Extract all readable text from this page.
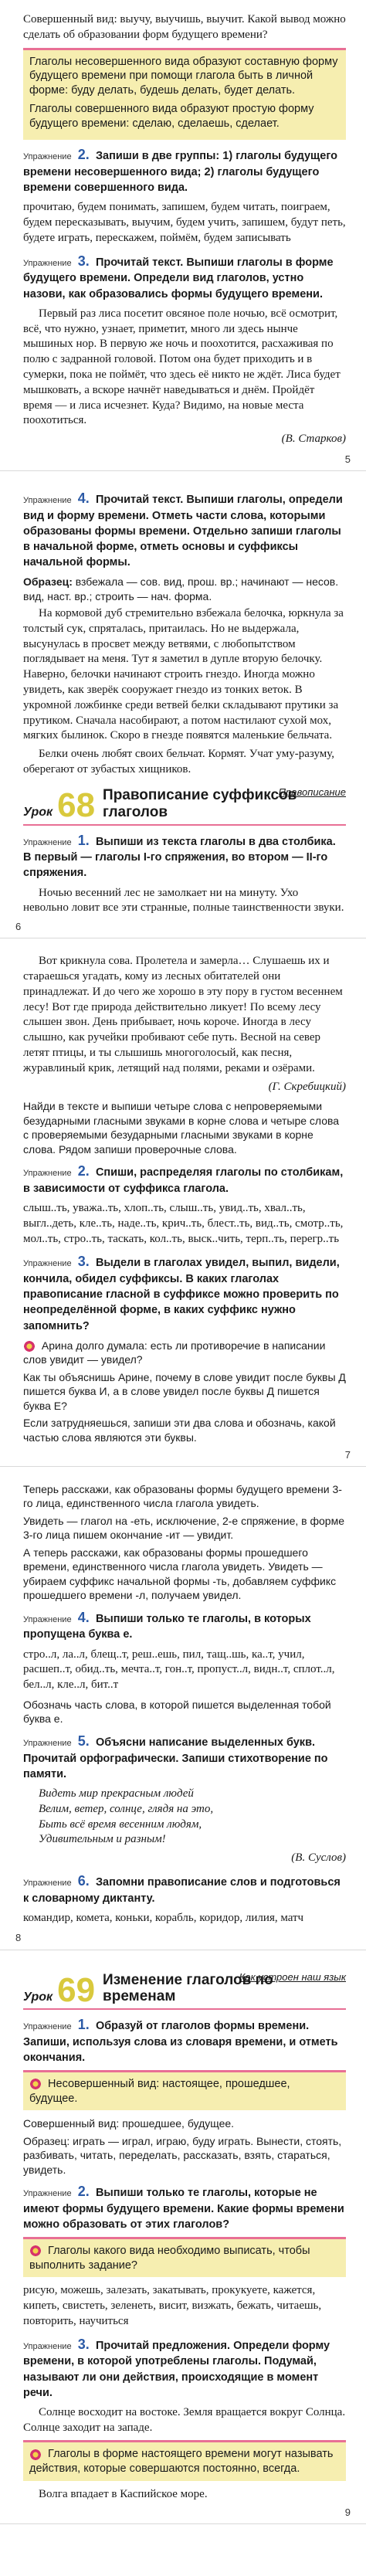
Совершенный вид: выучу, выучишь, выучит. Какой вывод можно сделать об образовании форм будущего времени?

Глаголы несовершенного вида образуют составную форму будущего времени при помощи глагола быть в личной форме: буду делать, будешь делать, будет делать.

Глаголы совершенного вида образуют простую форму будущего времени: сделаю, сделаешь, сделает.

Упражнение 2. Запиши в две группы: 1) глаголы будущего времени несовершенного вида; 2) глаголы будущего времени совершенного вида.

прочитаю, будем понимать, запишем, будем читать, поиграем, будем пересказывать, выучим, будем учить, запишем, будут петь, будете играть, перескажем, поймём, будем записывать

Упражнение 3. Прочитай текст. Выпиши глаголы в форме будущего времени. Определи вид глаголов, устно назови, как образовались формы будущего времени.

Первый раз лиса посетит овсяное поле ночью, всё осмотрит, всё, что нужно, узнает, приметит, много ли здесь нынче мышиных нор. В первую же ночь и поохотится, расхаживая по полю с задранной головой. Потом она будет приходить и в сумерки, пока не поймёт, что здесь её никто не ждёт. Лиса будет мышковать, а вскоре начнёт наведываться и днём. Пройдёт время — и лиса исчезнет. Куда? Видимо, на новые места поохотиться.

(В. Старков)

5
Упражнение 4. Прочитай текст. Выпиши глаголы, определи вид и форму времени. Отметь части слова, которыми образованы формы времени. Отдельно запиши глаголы в начальной форме, отметь основы и суффиксы начальной формы.

Образец: взбежала — сов. вид, прош. вр.; начинают — несов. вид, наст. вр.; строить — нач. форма.

На кормовой дуб стремительно взбежала белочка, юркнула за толстый сук, спряталась, притаилась. Но не выдержала, высунулась в просвет между ветвями, с любопытством поглядывает на меня. Тут я заметил в дупле вторую белочку. Наверно, белочки начинают строить гнездо. Иногда можно увидеть, как зверёк сооружает гнездо из тонких веток. В укромной ложбинке среди ветвей белки складывают прутики за прутиком. Сначала насобирают, а потом настилают сухой мох, мягких былинок. Скоро в гнезде появятся маленькие бельчата.

Белки очень любят своих бельчат. Кормят. Учат уму-разуму, оберегают от зубастых хищников.

Урок 68 Правописание суффиксов глаголов
Правописание
Упражнение 1. Выпиши из текста глаголы в два столбика. В первый — глаголы I-го спряжения, во втором — II-го спряжения.

Ночью весенний лес не замолкает ни на минуту. Ухо невольно ловит все эти странные, полные таинственности звуки.

6

Вот крикнула сова. Пролетела и замерла… Слушаешь их и стараешься угадать, кому из лесных обитателей они принадлежат. И до чего же хорошо в эту пору в густом весеннем лесу! Вот где природа действительно ликует! По всему лесу слышен звон. День прибывает, ночь короче. Иногда в лесу слышно, как ручейки пробивают себе путь. Весной на север летят птицы, и ты слышишь многоголосый, как песня, журавлиный крик, летящий над полями, реками и озёрами.

(Г. Скребицкий)

Найди в тексте и выпиши четыре слова с непроверяемыми безударными гласными звуками в корне слова и четыре слова с проверяемыми безударными гласными звуками в корне слова. Рядом запиши проверочные слова.

Упражнение 2. Спиши, распределяя глаголы по столбикам, в зависимости от суффикса глагола.

слыш..ть, уважа..ть, хлоп..ть, слыш..ть, увид..ть, хвал..ть, выгл..деть, кле..ть, наде..ть, крич..ть, блест..ть, вид..ть, смотр..ть, мол..ть, стро..ть, таскать, кол..ть, выск..чить, терп..ть, перегр..ть

Упражнение 3. Выдели в глаголах увидел, выпил, видели, кончила, обидел суффиксы. В каких глаголах правописание гласной в суффиксе можно проверить по неопределённой форме, в каких суффикс нужно запомнить?

Арина долго думала: есть ли противоречие в написании слов увидит — увидел?

Как ты объяснишь Арине, почему в слове увидит после буквы Д пишется буква И, а в слове увидел после буквы Д пишется буква Е?

Если затрудняешься, запиши эти два слова и обозначь, какой частью слова являются эти буквы.

7

Теперь расскажи, как образованы формы будущего времени 3-го лица, единственного числа глагола увидеть.

Увидеть — глагол на -еть, исключение, 2-е спряжение, в форме 3-го лица пишем окончание -ит — увидит.

А теперь расскажи, как образованы формы прошедшего времени, единственного числа глагола увидеть. Увидеть — убираем суффикс начальной формы -ть, добавляем суффикс прошедшего времени -л, получаем увидел.

Упражнение 4. Выпиши только те глаголы, в которых пропущена буква е.

стро..л, ла..л, блещ..т, реш..ешь, пил, тащ..шь, ка..т, учил, расшеп..т, обид..ть, мечта..т, гон..т, пропуст..л, видн..т, сплот..л, бел..л, кле..л, бит..т

Обозначь часть слова, в которой пишется выделенная тобой буква е.

Упражнение 5. Объясни написание выделенных букв. Прочитай орфографически. Запиши стихотворение по памяти.

Видеть мир прекрасным людей
Велим, ветер, солнце, глядя на это,
Быть всё время весенним людям,
Удивительным и разным!

(В. Суслов)

Упражнение 6. Запомни правописание слов и подготовься к словарному диктанту.

командир, комета, коньки, корабль, коридор, лилия, матч

8
Урок 69 Изменение глаголов по временам
Как устроен наш язык
Упражнение 1. Образуй от глаголов формы времени. Запиши, используя слова из словаря времени, и отметь окончания.
Несовершенный вид: настоящее, прошедшее, будущее.

Совершенный вид: прошедшее, будущее.

Образец: играть — играл, играю, буду играть. Вынести, стоять, разбивать, читать, переделать, рассказать, взять, стараться, увидеть.

Упражнение 2. Выпиши только те глаголы, которые не имеют формы будущего времени. Какие формы времени можно образовать от этих глаголов?
Глаголы какого вида необходимо выписать, чтобы выполнить задание?

рисую, можешь, залезать, закатывать, прокукуете, кажется, кипеть, свистеть, зеленеть, висит, визжать, бежать, читаешь, повторить, научиться

Упражнение 3. Прочитай предложения. Определи форму времени, в которой употреблены глаголы. Подумай, называют ли они действия, происходящие в момент речи.

Солнце восходит на востоке. Земля вращается вокруг Солнца. Солнце заходит на западе.

Глаголы в форме настоящего времени могут называть действия, которые совершаются постоянно, всегда.

Волга впадает в Каспийское море.

9
